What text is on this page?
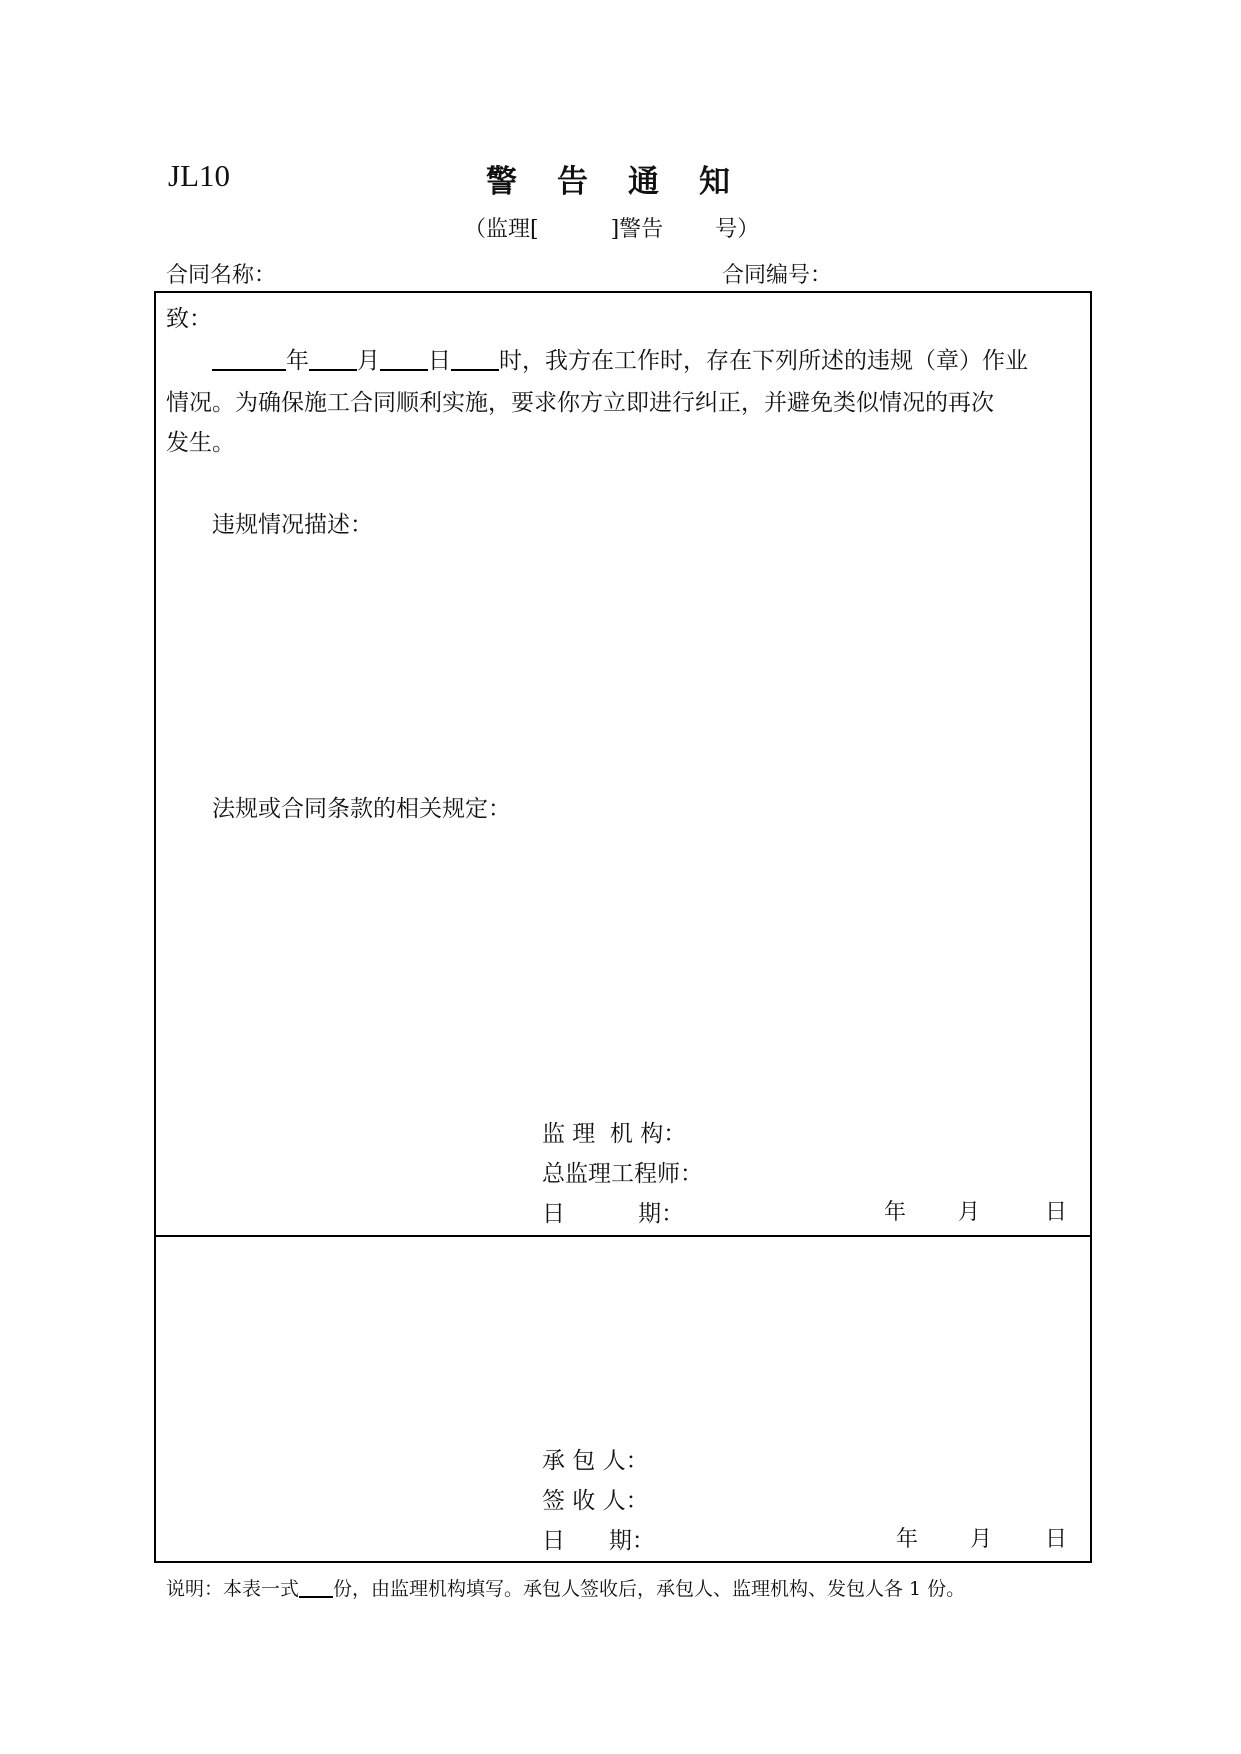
JL10	警告通知
（监理[	]警告 号）
合同名称：	合同编号：
致：
年 月 日 时，我方在工作时，存在下列所述的违规（章）作业
情况。为确保施工合同顺利实施，要求你方立即进行纠正，并避免类似情况的再次
发生。
违规情况描述：
法规或合同条款的相关规定：
监 理  机 构：
总监理工程师：
日          期：	年 月	日
承 包 人：
签 收 人：
日      期：	年 月 日
说明：本表一式 份，由监理机构填写。承包人签收后，承包人、监理机构、发包人各 1 份。
